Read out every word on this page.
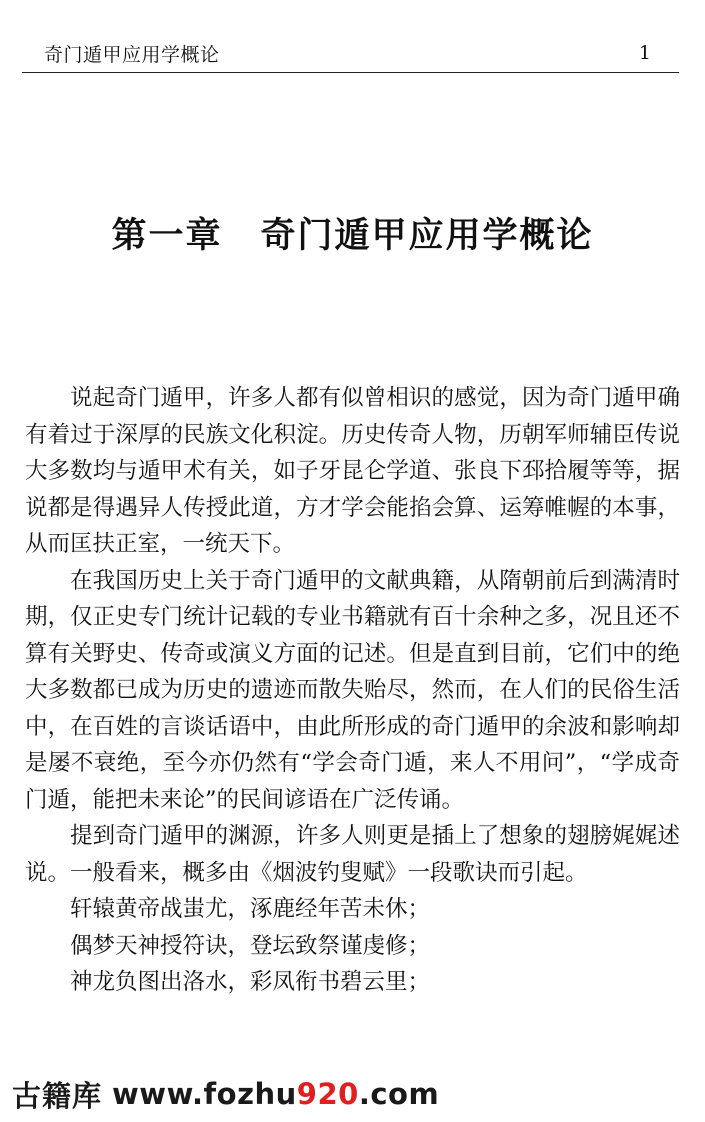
奇门遁甲应用学概论	1
第一章 奇门遁甲应用学概论

说起奇门遁甲，许多人都有似曾相识的感觉，因为奇门遁甲确有着过于深厚的民族文化积淀。历史传奇人物，历朝军师辅臣传说大多数均与遁甲术有关，如子牙昆仑学道、张良下邳拾履等等，据说都是得遇异人传授此道，方才学会能掐会算、运筹帷幄的本事，从而匡扶正室，一统天下。

在我国历史上关于奇门遁甲的文献典籍，从隋朝前后到满清时期，仅正史专门统计记载的专业书籍就有百十余种之多，况且还不算有关野史、传奇或演义方面的记述。但是直到目前，它们中的绝大多数都已成为历史的遗迹而散失贻尽，然而，在人们的民俗生活中，在百姓的言谈话语中，由此所形成的奇门遁甲的余波和影响却是屡不衰绝，至今亦仍然有“学会奇门遁，来人不用问”，“学成奇门遁，能把未来论”的民间谚语在广泛传诵。

提到奇门遁甲的渊源，许多人则更是插上了想象的翅膀娓娓述说。一般看来，概多由《烟波钓叟赋》一段歌诀而引起。

轩辕黄帝战蚩尤，涿鹿经年苦未休；

偶梦天神授符诀，登坛致祭谨虔修；

神龙负图出洛水，彩凤衔书碧云里；

古籍库 www.fozhu920.com
